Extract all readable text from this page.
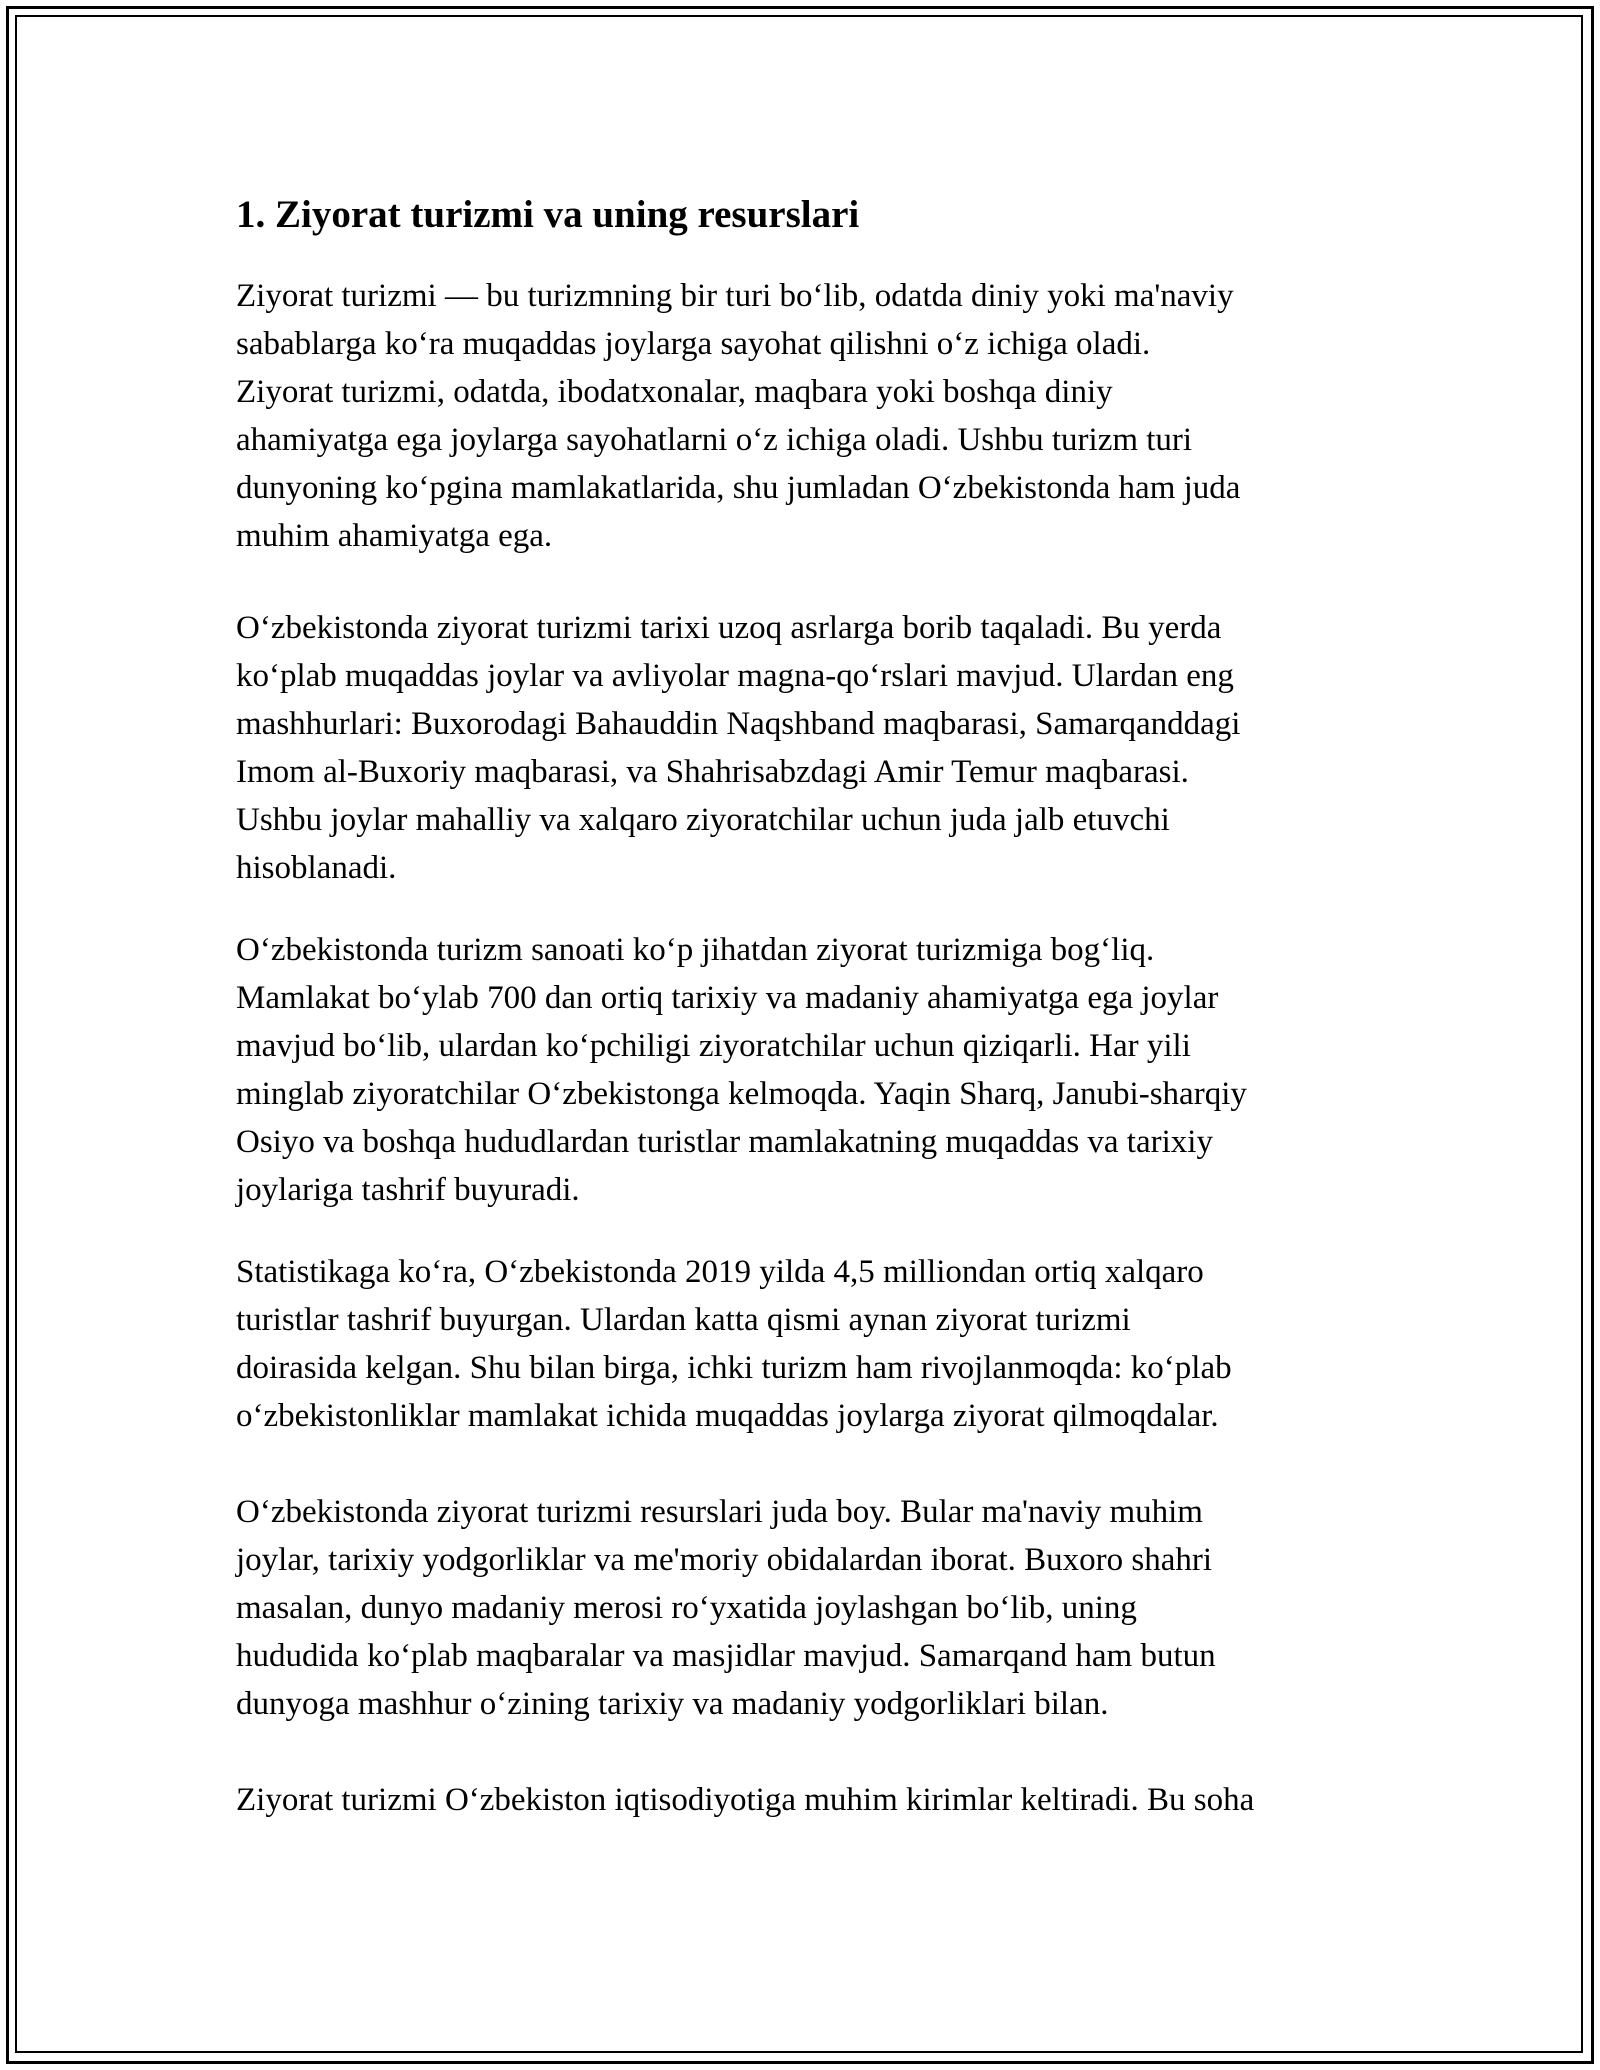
1. Ziyorat turizmi va uning resurslari

Ziyorat turizmi — bu turizmning bir turi bo‘lib, odatda diniy yoki ma'naviy
sabablarga ko‘ra muqaddas joylarga sayohat qilishni o‘z ichiga oladi.
Ziyorat turizmi, odatda, ibodatxonalar, maqbara yoki boshqa diniy
ahamiyatga ega joylarga sayohatlarni o‘z ichiga oladi. Ushbu turizm turi
dunyoning ko‘pgina mamlakatlarida, shu jumladan O‘zbekistonda ham juda
muhim ahamiyatga ega.

O‘zbekistonda ziyorat turizmi tarixi uzoq asrlarga borib taqaladi. Bu yerda
ko‘plab muqaddas joylar va avliyolar magna-qo‘rslari mavjud. Ulardan eng
mashhurlari: Buxorodagi Bahauddin Naqshband maqbarasi, Samarqanddagi
Imom al-Buxoriy maqbarasi, va Shahrisabzdagi Amir Temur maqbarasi.
Ushbu joylar mahalliy va xalqaro ziyoratchilar uchun juda jalb etuvchi
hisoblanadi.

O‘zbekistonda turizm sanoati ko‘p jihatdan ziyorat turizmiga bog‘liq.
Mamlakat bo‘ylab 700 dan ortiq tarixiy va madaniy ahamiyatga ega joylar
mavjud bo‘lib, ulardan ko‘pchiligi ziyoratchilar uchun qiziqarli. Har yili
minglab ziyoratchilar O‘zbekistonga kelmoqda. Yaqin Sharq, Janubi-sharqiy
Osiyo va boshqa hududlardan turistlar mamlakatning muqaddas va tarixiy
joylariga tashrif buyuradi.

Statistikaga ko‘ra, O‘zbekistonda 2019 yilda 4,5 milliondan ortiq xalqaro
turistlar tashrif buyurgan. Ulardan katta qismi aynan ziyorat turizmi
doirasida kelgan. Shu bilan birga, ichki turizm ham rivojlanmoqda: ko‘plab
o‘zbekistonliklar mamlakat ichida muqaddas joylarga ziyorat qilmoqdalar.

O‘zbekistonda ziyorat turizmi resurslari juda boy. Bular ma'naviy muhim
joylar, tarixiy yodgorliklar va me'moriy obidalardan iborat. Buxoro shahri
masalan, dunyo madaniy merosi ro‘yxatida joylashgan bo‘lib, uning
hududida ko‘plab maqbaralar va masjidlar mavjud. Samarqand ham butun
dunyoga mashhur o‘zining tarixiy va madaniy yodgorliklari bilan.

Ziyorat turizmi O‘zbekiston iqtisodiyotiga muhim kirimlar keltiradi. Bu soha
